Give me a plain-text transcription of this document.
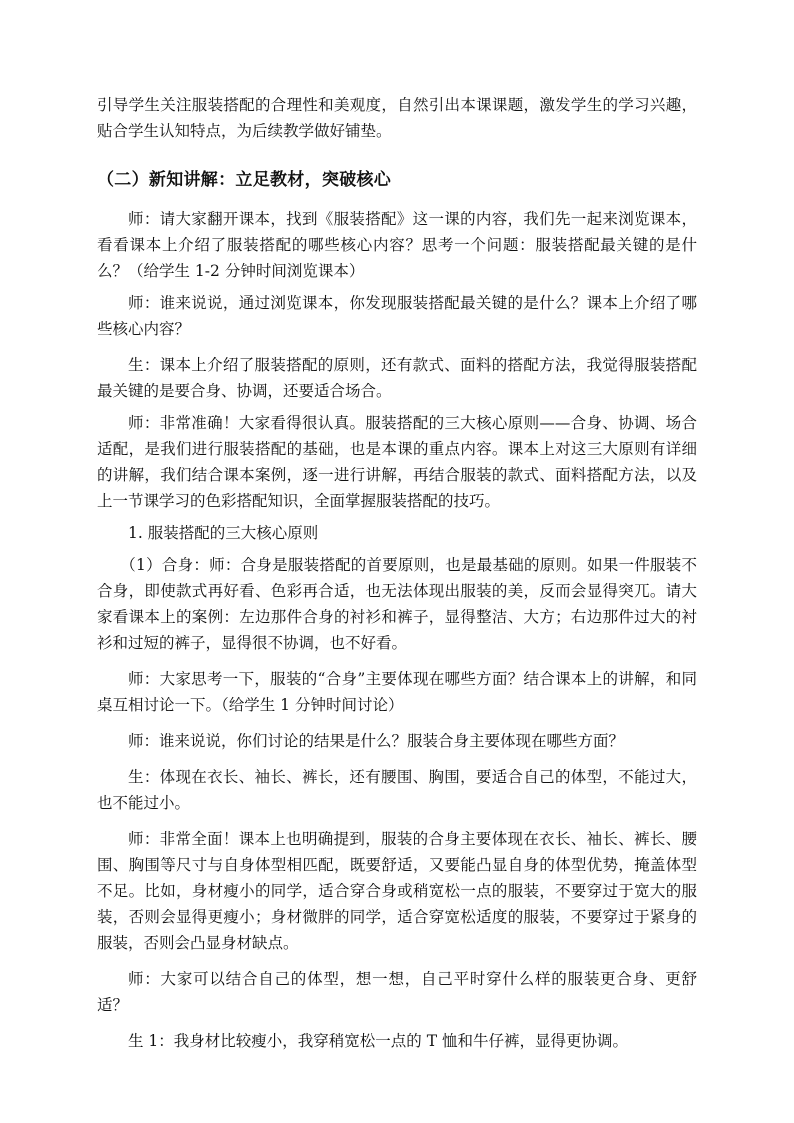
引导学生关注服装搭配的合理性和美观度，自然引出本课课题，激发学生的学习兴趣，贴合学生认知特点，为后续教学做好铺垫。

（二）新知讲解：立足教材，突破核心

师：请大家翻开课本，找到《服装搭配》这一课的内容，我们先一起来浏览课本，看看课本上介绍了服装搭配的哪些核心内容？思考一个问题：服装搭配最关键的是什么？（给学生 1-2 分钟时间浏览课本）

师：谁来说说，通过浏览课本，你发现服装搭配最关键的是什么？课本上介绍了哪些核心内容？

生：课本上介绍了服装搭配的原则，还有款式、面料的搭配方法，我觉得服装搭配最关键的是要合身、协调，还要适合场合。

师：非常准确！大家看得很认真。服装搭配的三大核心原则——合身、协调、场合适配，是我们进行服装搭配的基础，也是本课的重点内容。课本上对这三大原则有详细的讲解，我们结合课本案例，逐一进行讲解，再结合服装的款式、面料搭配方法，以及上一节课学习的色彩搭配知识，全面掌握服装搭配的技巧。

1. 服装搭配的三大核心原则

（1）合身：师：合身是服装搭配的首要原则，也是最基础的原则。如果一件服装不合身，即使款式再好看、色彩再合适，也无法体现出服装的美，反而会显得突兀。请大家看课本上的案例：左边那件合身的衬衫和裤子，显得整洁、大方；右边那件过大的衬衫和过短的裤子，显得很不协调，也不好看。

师：大家思考一下，服装的“合身”主要体现在哪些方面？结合课本上的讲解，和同桌互相讨论一下。（给学生 1 分钟时间讨论）

师：谁来说说，你们讨论的结果是什么？服装合身主要体现在哪些方面？

生：体现在衣长、袖长、裤长，还有腰围、胸围，要适合自己的体型，不能过大，也不能过小。

师：非常全面！课本上也明确提到，服装的合身主要体现在衣长、袖长、裤长、腰围、胸围等尺寸与自身体型相匹配，既要舒适，又要能凸显自身的体型优势，掩盖体型不足。比如，身材瘦小的同学，适合穿合身或稍宽松一点的服装，不要穿过于宽大的服装，否则会显得更瘦小；身材微胖的同学，适合穿宽松适度的服装，不要穿过于紧身的服装，否则会凸显身材缺点。

师：大家可以结合自己的体型，想一想，自己平时穿什么样的服装更合身、更舒适？

生 1：我身材比较瘦小，我穿稍宽松一点的 T 恤和牛仔裤，显得更协调。
